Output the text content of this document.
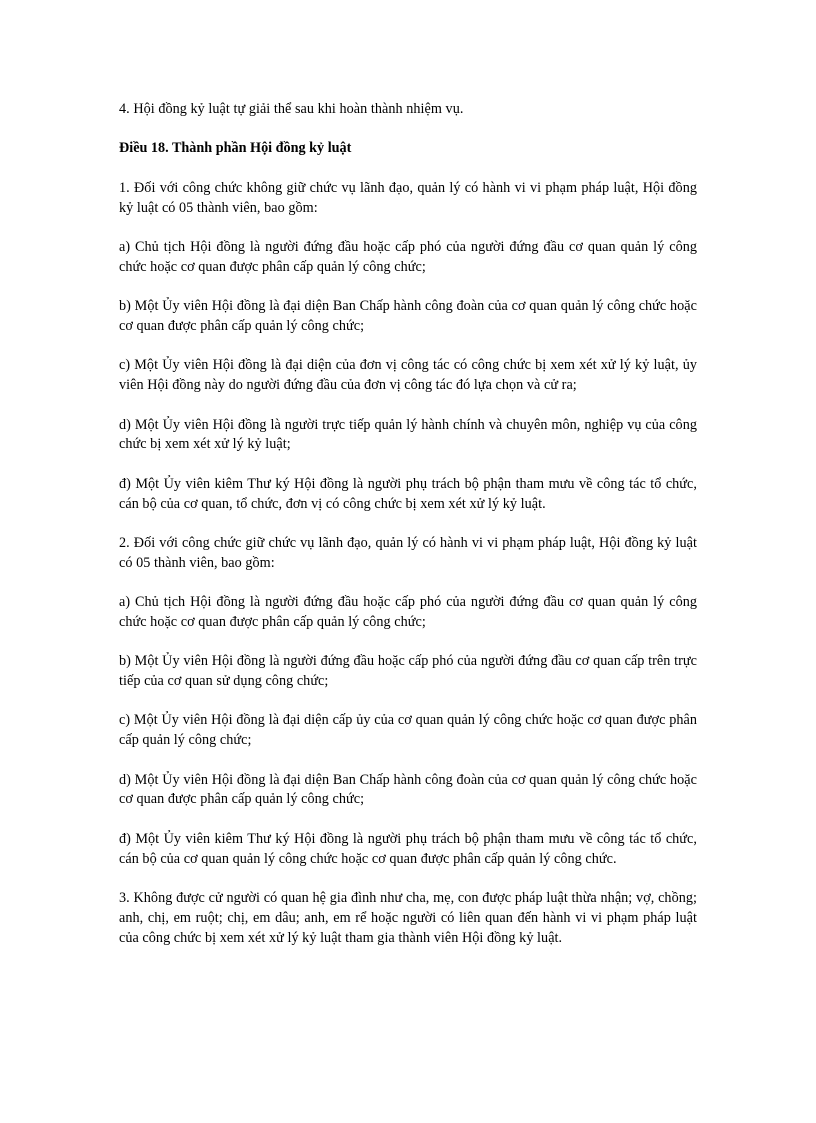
4. Hội đồng kỷ luật tự giải thể sau khi hoàn thành nhiệm vụ.

Điều 18. Thành phần Hội đồng kỷ luật

1. Đối với công chức không giữ chức vụ lãnh đạo, quản lý có hành vi vi phạm pháp luật, Hội đồng kỷ luật có 05 thành viên, bao gồm:

a) Chủ tịch Hội đồng là người đứng đầu hoặc cấp phó của người đứng đầu cơ quan quản lý công chức hoặc cơ quan được phân cấp quản lý công chức;

b) Một Ủy viên Hội đồng là đại diện Ban Chấp hành công đoàn của cơ quan quản lý công chức hoặc cơ quan được phân cấp quản lý công chức;

c) Một Ủy viên Hội đồng là đại diện của đơn vị công tác có công chức bị xem xét xử lý kỷ luật, ủy viên Hội đồng này do người đứng đầu của đơn vị công tác đó lựa chọn và cử ra;

d) Một Ủy viên Hội đồng là người trực tiếp quản lý hành chính và chuyên môn, nghiệp vụ của công chức bị xem xét xử lý kỷ luật;

đ) Một Ủy viên kiêm Thư ký Hội đồng là người phụ trách bộ phận tham mưu về công tác tổ chức, cán bộ của cơ quan, tổ chức, đơn vị có công chức bị xem xét xử lý kỷ luật.

2. Đối với công chức giữ chức vụ lãnh đạo, quản lý có hành vi vi phạm pháp luật, Hội đồng kỷ luật có 05 thành viên, bao gồm:

a) Chủ tịch Hội đồng là người đứng đầu hoặc cấp phó của người đứng đầu cơ quan quản lý công chức hoặc cơ quan được phân cấp quản lý công chức;

b) Một Ủy viên Hội đồng là người đứng đầu hoặc cấp phó của người đứng đầu cơ quan cấp trên trực tiếp của cơ quan sử dụng công chức;

c) Một Ủy viên Hội đồng là đại diện cấp ủy của cơ quan quản lý công chức hoặc cơ quan được phân cấp quản lý công chức;

d) Một Ủy viên Hội đồng là đại diện Ban Chấp hành công đoàn của cơ quan quản lý công chức hoặc cơ quan được phân cấp quản lý công chức;

đ) Một Ủy viên kiêm Thư ký Hội đồng là người phụ trách bộ phận tham mưu về công tác tổ chức, cán bộ của cơ quan quản lý công chức hoặc cơ quan được phân cấp quản lý công chức.

3. Không được cử người có quan hệ gia đình như cha, mẹ, con được pháp luật thừa nhận; vợ, chồng; anh, chị, em ruột; chị, em dâu; anh, em rể hoặc người có liên quan đến hành vi vi phạm pháp luật của công chức bị xem xét xử lý kỷ luật tham gia thành viên Hội đồng kỷ luật.
